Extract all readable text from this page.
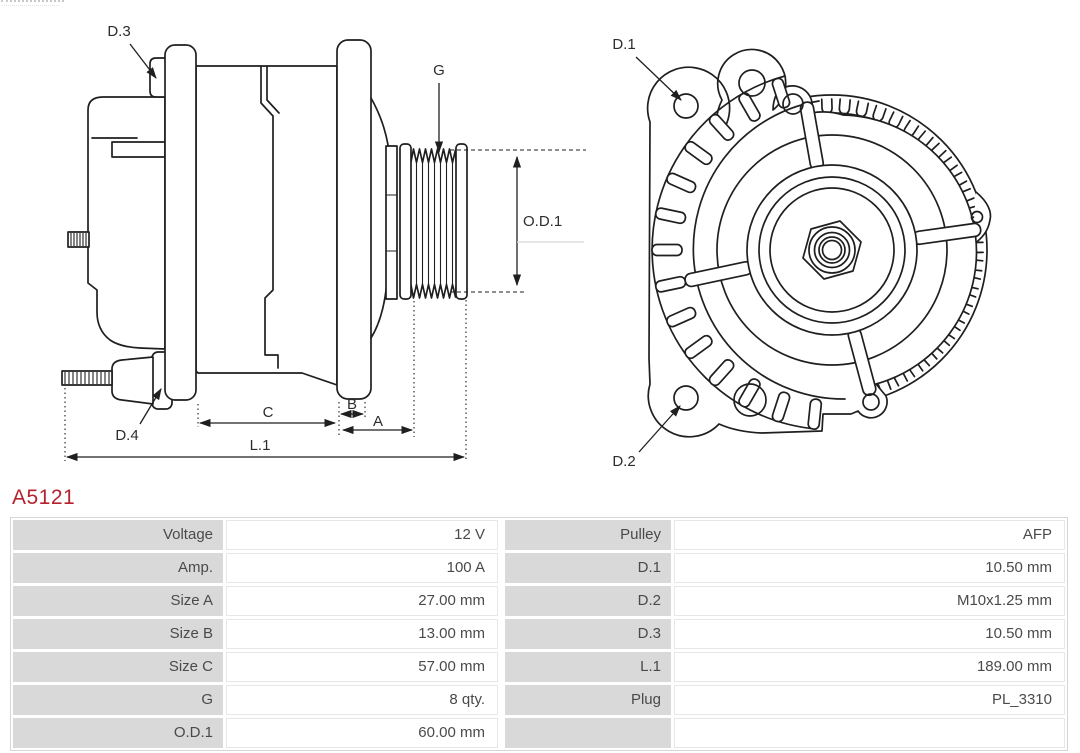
D.3
D.4
G
O.D.1
C	B
A
L.1
D.1
D.2
A5121
Voltage	12 V	Pulley	AFP
Amp.	100 A	D.1	10.50 mm
Size A	27.00 mm	D.2	M10x1.25 mm
Size B	13.00 mm	D.3	10.50 mm
Size C	57.00 mm	L.1	189.00 mm
G	8 qty.	Plug	PL_3310
O.D.1	60.00 mm
